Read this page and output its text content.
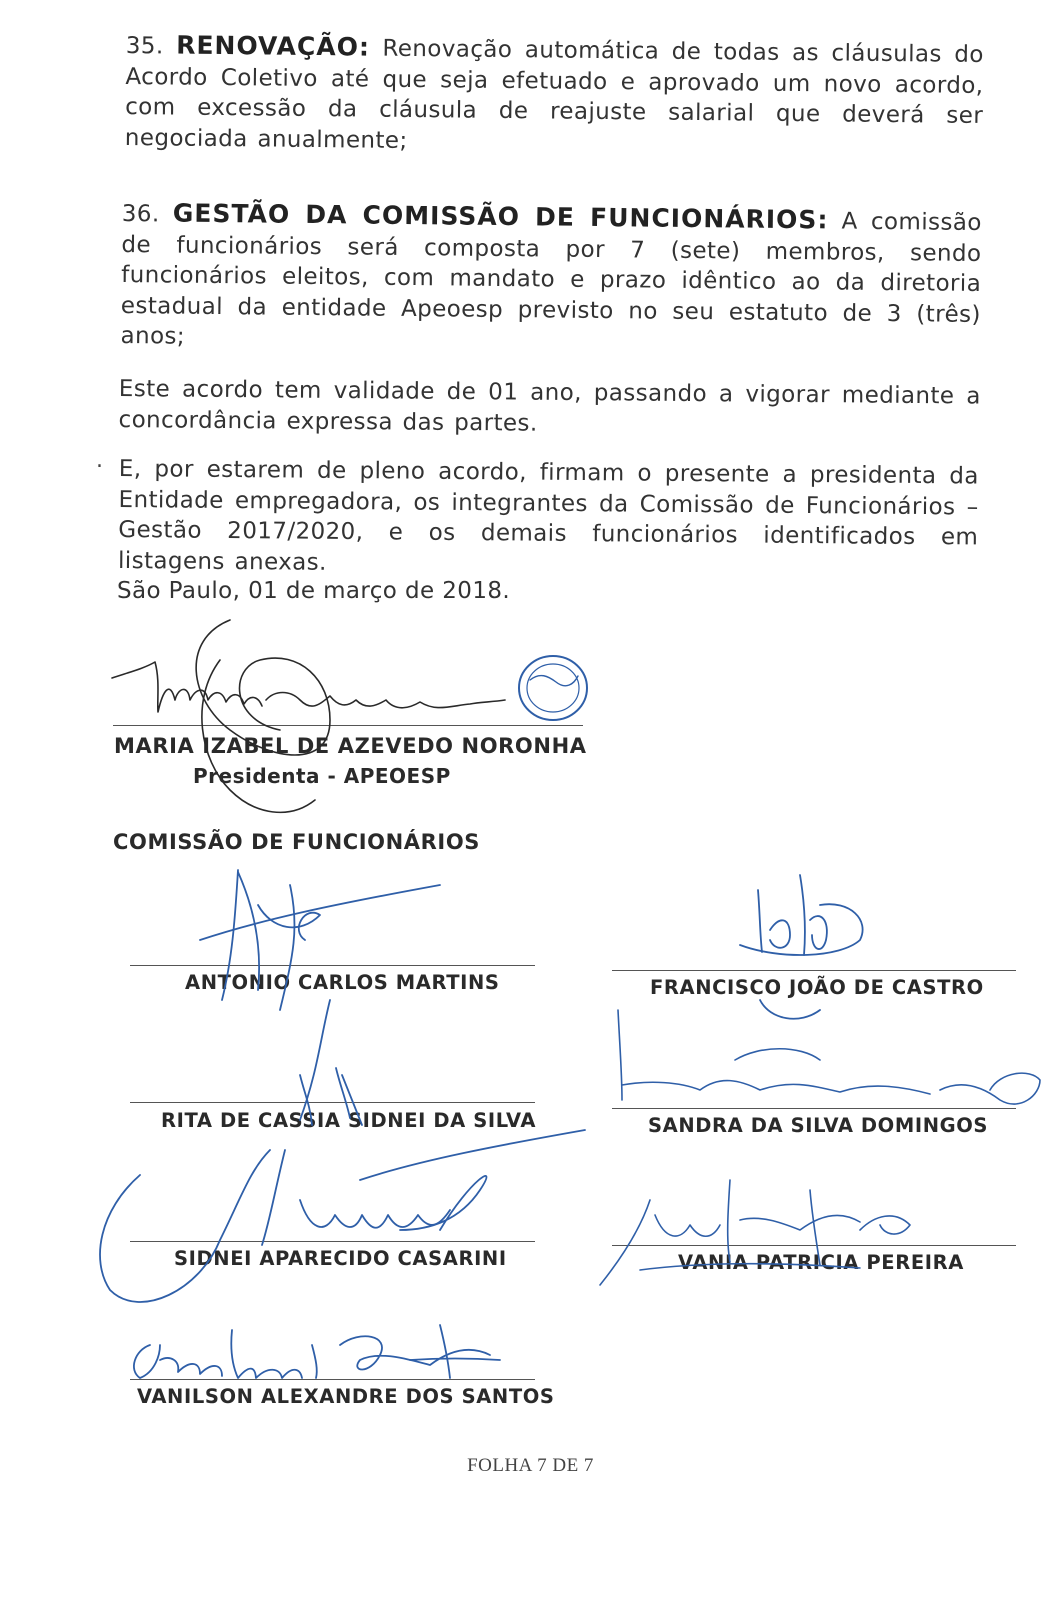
35. RENOVAÇÃO: Renovação automática de todas as cláusulas do Acordo Coletivo até que seja efetuado e aprovado um novo acordo, com excessão da cláusula de reajuste salarial que deverá ser negociada anualmente;

36. GESTÃO DA COMISSÃO DE FUNCIONÁRIOS: A comissão de funcionários será composta por 7 (sete) membros, sendo funcionários eleitos, com mandato e prazo idêntico ao da diretoria estadual da entidade Apeoesp previsto no seu estatuto de 3 (três) anos;

Este acordo tem validade de 01 ano, passando a vigorar mediante a concordância expressa das partes.

. E, por estarem de pleno acordo, firmam o presente a presidenta da Entidade empregadora, os integrantes da Comissão de Funcionários – Gestão 2017/2020, e os demais funcionários identificados em listagens anexas.

São Paulo, 01 de março de 2018.
MARIA IZABEL DE AZEVEDO NORONHA
Presidenta - APEOESP
COMISSÃO DE FUNCIONÁRIOS
ANTONIO CARLOS MARTINS	FRANCISCO JOÃO DE CASTRO
RITA DE CASSIA SIDNEI DA SILVA	SANDRA DA SILVA DOMINGOS
SIDNEI APARECIDO CASARINI	VANIA PATRICIA PEREIRA
VANILSON ALEXANDRE DOS SANTOS
FOLHA 7 DE 7
